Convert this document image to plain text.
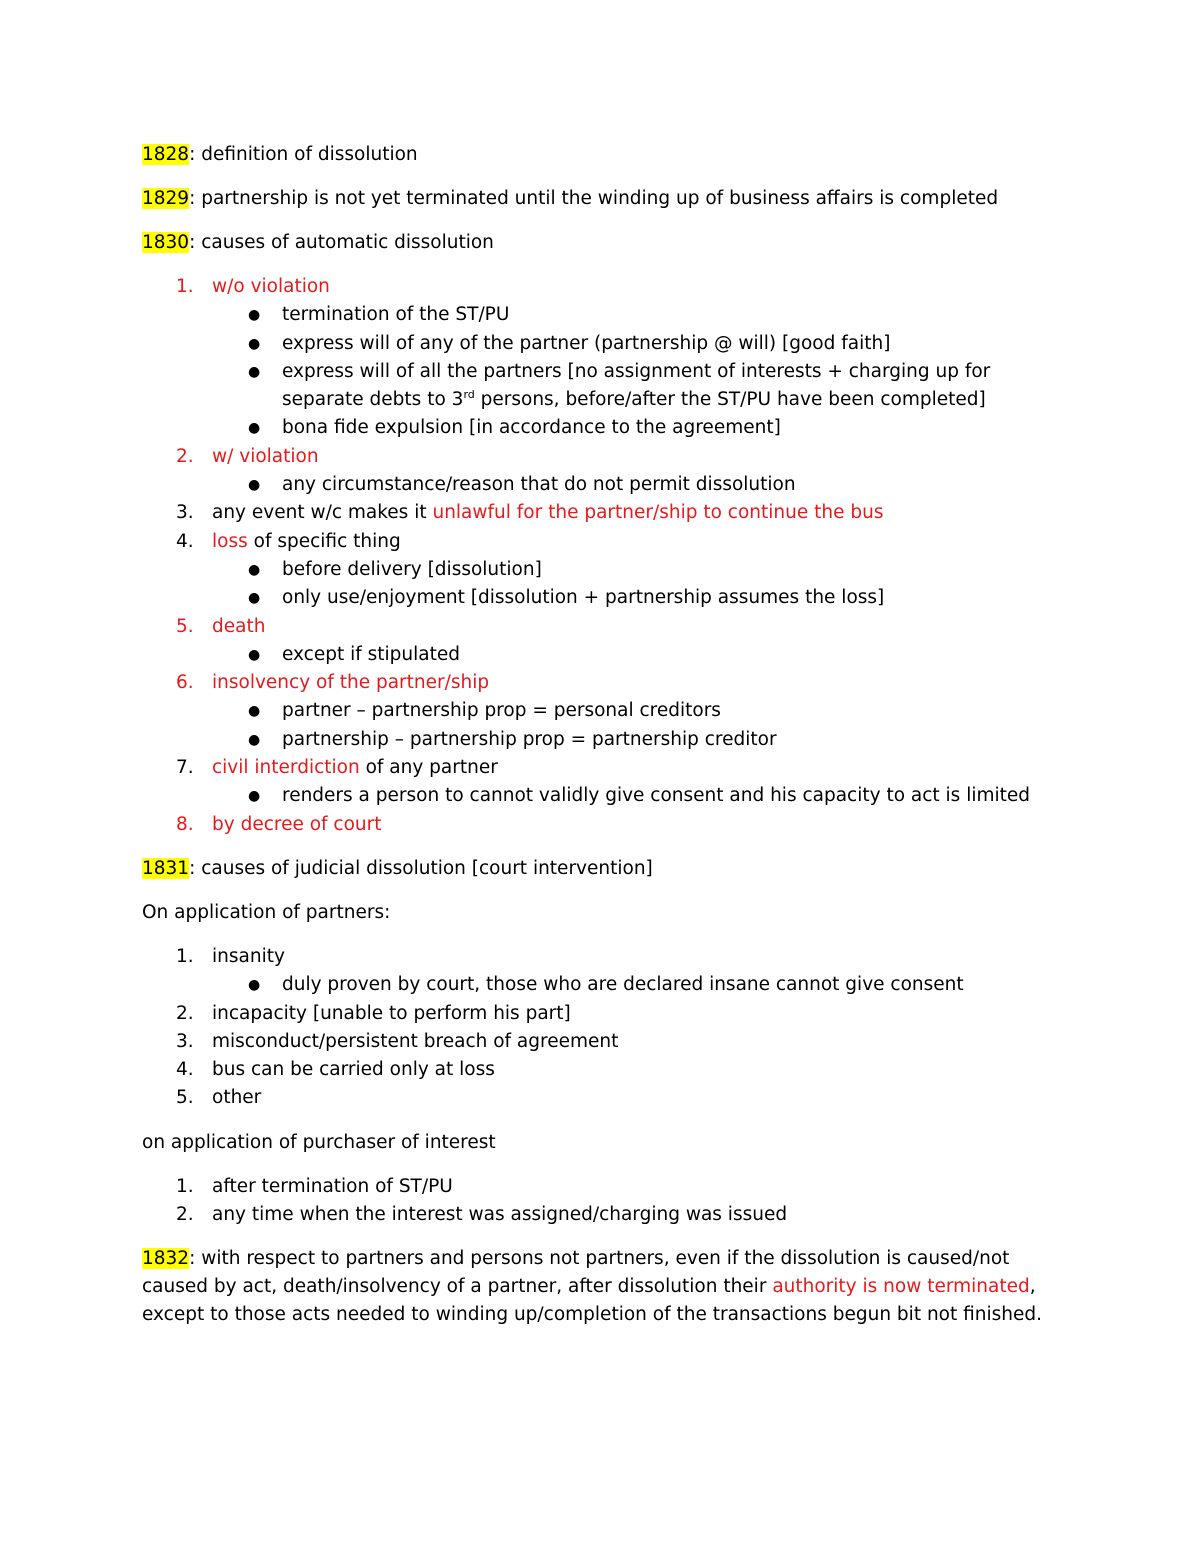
1828: definition of dissolution

1829: partnership is not yet terminated until the winding up of business affairs is completed

1830: causes of automatic dissolution

1. w/o violation
● termination of the ST/PU
● express will of any of the partner (partnership @ will) [good faith]
● express will of all the partners [no assignment of interests + charging up for separate debts to 3rd persons, before/after the ST/PU have been completed]
● bona fide expulsion [in accordance to the agreement]
2. w/ violation
● any circumstance/reason that do not permit dissolution
3. any event w/c makes it unlawful for the partner/ship to continue the bus
4. loss of specific thing
● before delivery [dissolution]
● only use/enjoyment [dissolution + partnership assumes the loss]
5. death
● except if stipulated
6. insolvency of the partner/ship
● partner – partnership prop = personal creditors
● partnership – partnership prop = partnership creditor
7. civil interdiction of any partner
● renders a person to cannot validly give consent and his capacity to act is limited
8. by decree of court

1831: causes of judicial dissolution [court intervention]

On application of partners:

1. insanity
● duly proven by court, those who are declared insane cannot give consent
2. incapacity [unable to perform his part]
3. misconduct/persistent breach of agreement
4. bus can be carried only at loss
5. other

on application of purchaser of interest

1. after termination of ST/PU
2. any time when the interest was assigned/charging was issued

1832: with respect to partners and persons not partners, even if the dissolution is caused/not caused by act, death/insolvency of a partner, after dissolution their authority is now terminated, except to those acts needed to winding up/completion of the transactions begun bit not finished.
